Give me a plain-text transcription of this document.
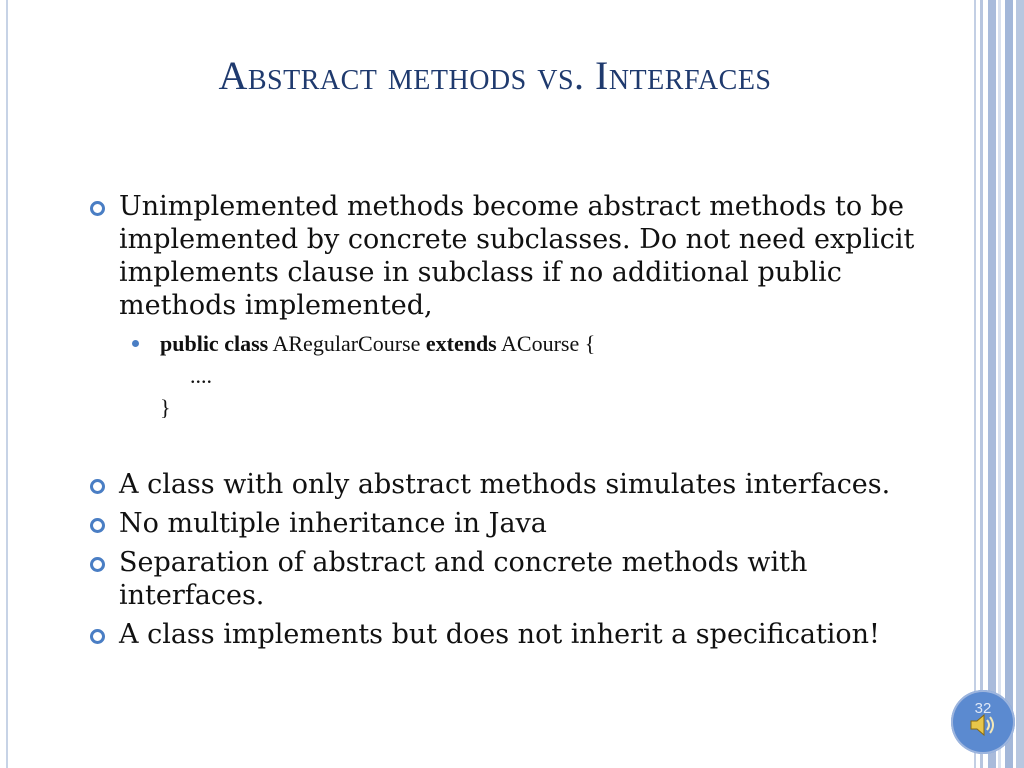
Abstract methods vs. Interfaces
Unimplemented methods become abstract methods to be implemented by concrete subclasses. Do not need explicit implements clause in subclass if no additional public methods implemented,
public class ARegularCourse extends ACourse {
....
}
A class with only abstract methods simulates interfaces.
No multiple inheritance in Java
Separation of abstract and concrete methods with interfaces.
A class implements but does not inherit a specification!
32
